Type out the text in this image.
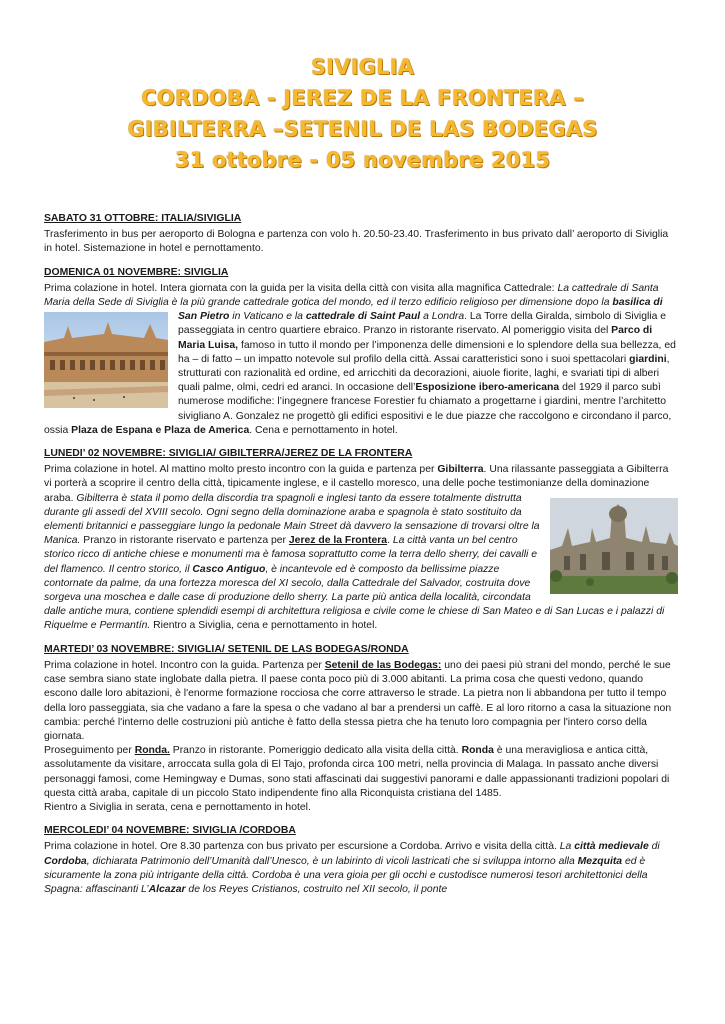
SIVIGLIA
CORDOBA - JEREZ DE LA FRONTERA –
GIBILTERRA –SETENIL DE LAS BODEGAS
31 ottobre - 05 novembre 2015
SABATO 31 OTTOBRE: ITALIA/SIVIGLIA
Trasferimento in bus per aeroporto di Bologna e partenza con volo h. 20.50-23.40. Trasferimento in bus privato dall’ aeroporto di Siviglia in hotel. Sistemazione in hotel e pernottamento.
DOMENICA 01 NOVEMBRE: SIVIGLIA
Prima colazione in hotel. Intera giornata con la guida per la visita della città con visita alla magnifica Cattedrale: La cattedrale di Santa Maria della Sede di Siviglia è la più grande cattedrale gotica del mondo, ed il terzo edificio religioso per dimensione dopo la
basilica di San Pietro in Vaticano e la cattedrale di Saint Paul a Londra. La Torre della Giralda, simbolo di Siviglia e passeggiata in centro quartiere ebraico. Pranzo in ristorante riservato. Al pomeriggio visita del Parco di Maria Luisa, famoso in tutto il mondo per l’imponenza delle dimensioni e lo splendore della sua bellezza, ed ha – di fatto – un impatto notevole sul profilo della città. Assai caratteristici sono i suoi spettacolari giardini, strutturati con razionalità ed ordine, ed arricchiti da decorazioni, aiuole fiorite, laghi, e svariati tipi di alberi quali palme, olmi, cedri ed aranci. In occasione dell’Esposizione ibero-americana del 1929 il parco subì numerose modifiche: l’ingegnere francese Forestier fu chiamato a progettarne i giardini, mentre l’architetto sivigliano A. Gonzalez ne progettò gli edifici espositivi e le due piazze che raccolgono e circondano il parco, ossia Plaza de Espana e Plaza de America. Cena e pernottamento in hotel.
LUNEDI’ 02 NOVEMBRE: SIVIGLIA/ GIBILTERRA/JEREZ DE LA FRONTERA
Prima colazione in hotel. Al mattino molto presto incontro con la guida e partenza per Gibilterra. Una rilassante passeggiata a Gibilterra vi porterà a scoprire il centro della città, tipicamente inglese, e il castello moresco, una delle poche testimonianze della dominazione araba.
Gibilterra è stata il pomo della discordia tra spagnoli e inglesi tanto da essere totalmente distrutta durante gli assedi del XVIII secolo. Ogni segno della dominazione araba e spagnola è stato sostituito da elementi britannici e passeggiare lungo la pedonale Main Street dà davvero la sensazione di trovarsi oltre la Manica. Pranzo in ristorante riservato e partenza per Jerez de la Frontera. La città vanta un bel centro storico ricco di antiche chiese e monumenti ma è famosa soprattutto come la terra dello sherry, dei cavalli e del flamenco. Il centro storico, il Casco Antiguo, è incantevole ed è composto da bellissime piazze contornate da palme, da una fortezza moresca del XI secolo, dalla Cattedrale del Salvador, costruita dove sorgeva una moschea e dalle case di produzione dello sherry. La parte più antica della località, circondata dalle antiche mura, contiene splendidi esempi di architettura religiosa e civile come le chiese di San Mateo e di San Lucas e i palazzi di Riquelme e Permantín. Rientro a Siviglia, cena e pernottamento in hotel.
MARTEDI’ 03 NOVEMBRE: SIVIGLIA/ SETENIL DE LAS BODEGAS/RONDA
Prima colazione in hotel. Incontro con la guida. Partenza per Setenil de las Bodegas: uno dei paesi più strani del mondo, perché le sue case sembra siano state inglobate dalla pietra. Il paese conta poco più di 3.000 abitanti. La prima cosa che questi vedono, quando escono dalle loro abitazioni, è l'enorme formazione rocciosa che corre attraverso le strade. La pietra non li abbandona per tutto il tempo della loro passeggiata, sia che vadano a fare la spesa o che vadano al bar a prendersi un caffè. E al loro ritorno a casa la situazione non cambia: perché l'interno delle costruzioni più antiche è fatto della stessa pietra che ha tenuto loro compagnia per l'intero corso della giornata.
Proseguimento per Ronda. Pranzo in ristorante. Pomeriggio dedicato alla visita della città. Ronda è una meravigliosa e antica città, assolutamente da visitare, arroccata sulla gola di El Tajo, profonda circa 100 metri, nella provincia di Malaga. In passato anche diversi personaggi famosi, come Hemingway e Dumas, sono stati affascinati dai suggestivi panorami e dalle appassionanti tradizioni popolari di questa città araba, capitale di un piccolo Stato indipendente fino alla Riconquista cristiana del 1485.
Rientro a Siviglia in serata, cena e pernottamento in hotel.
MERCOLEDI’ 04 NOVEMBRE: SIVIGLIA /CORDOBA
Prima colazione in hotel. Ore 8.30 partenza con bus privato per escursione a Cordoba. Arrivo e visita della città. La città medievale di Cordoba, dichiarata Patrimonio dell’Umanità dall’Unesco, è un labirinto di vicoli lastricati che si sviluppa intorno alla Mezquita ed è sicuramente la zona più intrigante della città. Cordoba è una vera gioia per gli occhi e custodisce numerosi tesori architettonici della Spagna: affascinanti L’Alcazar de los Reyes Cristianos, costruito nel XII secolo, il ponte
